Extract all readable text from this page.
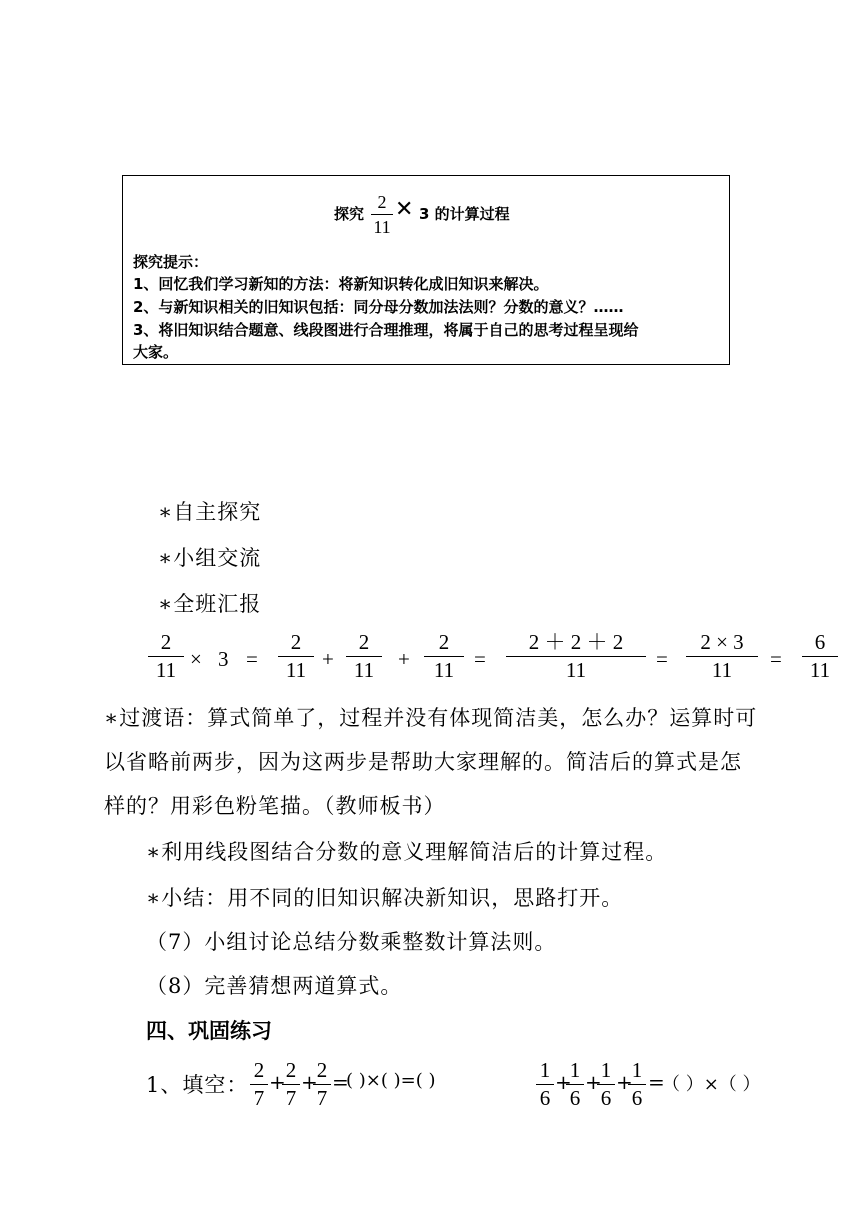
探究
2
11
✕ 3 的计算过程
探究提示：
1、回忆我们学习新知的方法：将新知识转化成旧知识来解决。
2、与新知识相关的旧知识包括：同分母分数加法法则？分数的意义？……
3、将旧知识结合题意、线段图进行合理推理，将属于自己的思考过程呈现给
大家。
∗自主探究
∗小组交流
∗全班汇报
2
11 × 3 =
2
11 +
2
11	+
2
11 =
2 ＋ 2 ＋ 2
11	=
2 × 3
11	=
6
11
∗过渡语：算式简单了，过程并没有体现简洁美，怎么办？运算时可
以省略前两步，因为这两步是帮助大家理解的。简洁后的算式是怎
样的？用彩色粉笔描。（教师板书）
∗利用线段图结合分数的意义理解简洁后的计算过程。
∗小结：用不同的旧知识解决新知识，思路打开。
（7）小组讨论总结分数乘整数计算法则。
（8）完善猜想两道算式。
四、巩固练习
1、填空：
2
7
+ 2
7
+
2
7
=
( )×( )=( )	1
6
+
1
6
+
1
6
+
1
6
=
（ ）×（ ）
